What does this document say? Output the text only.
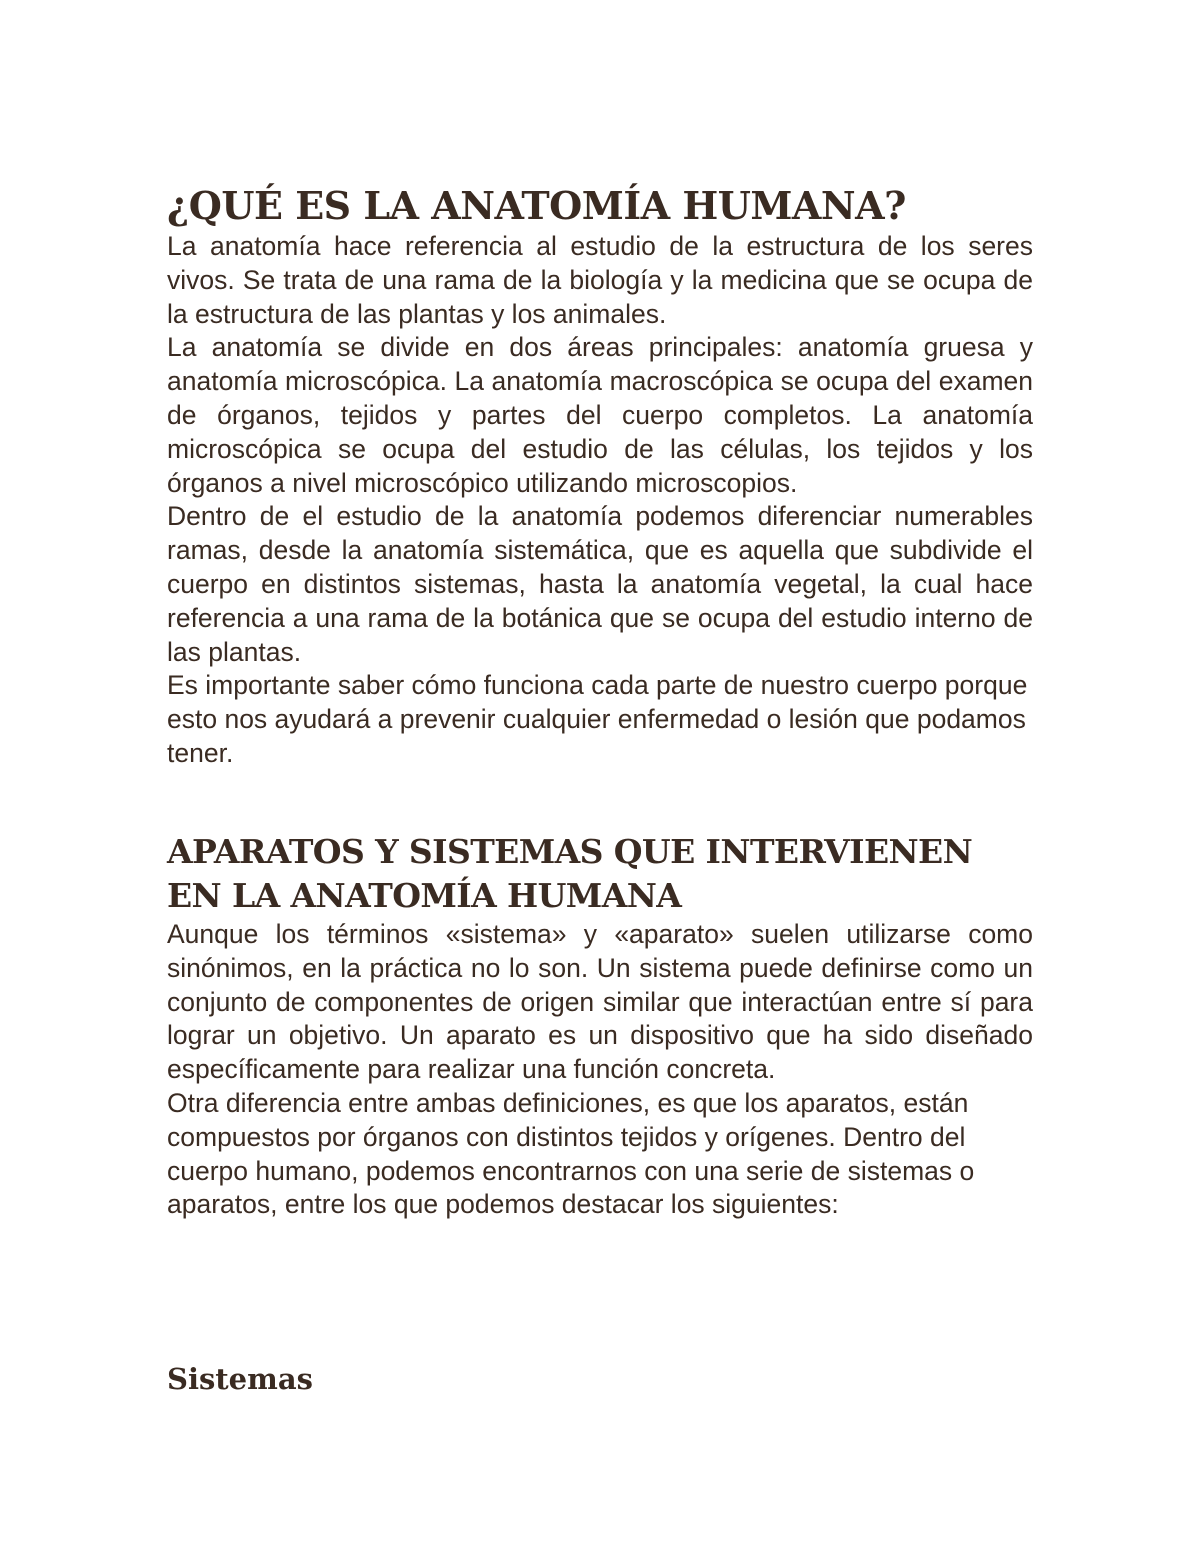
¿QUÉ ES LA ANATOMÍA HUMANA?

La anatomía hace referencia al estudio de la estructura de los seres vivos. Se trata de una rama de la biología y la medicina que se ocupa de la estructura de las plantas y los animales.

La anatomía se divide en dos áreas principales: anatomía gruesa y anatomía microscópica. La anatomía macroscópica se ocupa del examen de órganos, tejidos y partes del cuerpo completos. La anatomía microscópica se ocupa del estudio de las células, los tejidos y los órganos a nivel microscópico utilizando microscopios.

Dentro de el estudio de la anatomía podemos diferenciar numerables ramas, desde la anatomía sistemática, que es aquella que subdivide el cuerpo en distintos sistemas, hasta la anatomía vegetal, la cual hace referencia a una rama de la botánica que se ocupa del estudio interno de las plantas.

Es importante saber cómo funciona cada parte de nuestro cuerpo porque esto nos ayudará a prevenir cualquier enfermedad o lesión que podamos tener.

APARATOS Y SISTEMAS QUE INTERVIENEN EN LA ANATOMÍA HUMANA

Aunque los términos «sistema» y «aparato» suelen utilizarse como sinónimos, en la práctica no lo son. Un sistema puede definirse como un conjunto de componentes de origen similar que interactúan entre sí para lograr un objetivo. Un aparato es un dispositivo que ha sido diseñado específicamente para realizar una función concreta.

Otra diferencia entre ambas definiciones, es que los aparatos, están compuestos por órganos con distintos tejidos y orígenes. Dentro del cuerpo humano, podemos encontrarnos con una serie de sistemas o aparatos, entre los que podemos destacar los siguientes:

Sistemas
